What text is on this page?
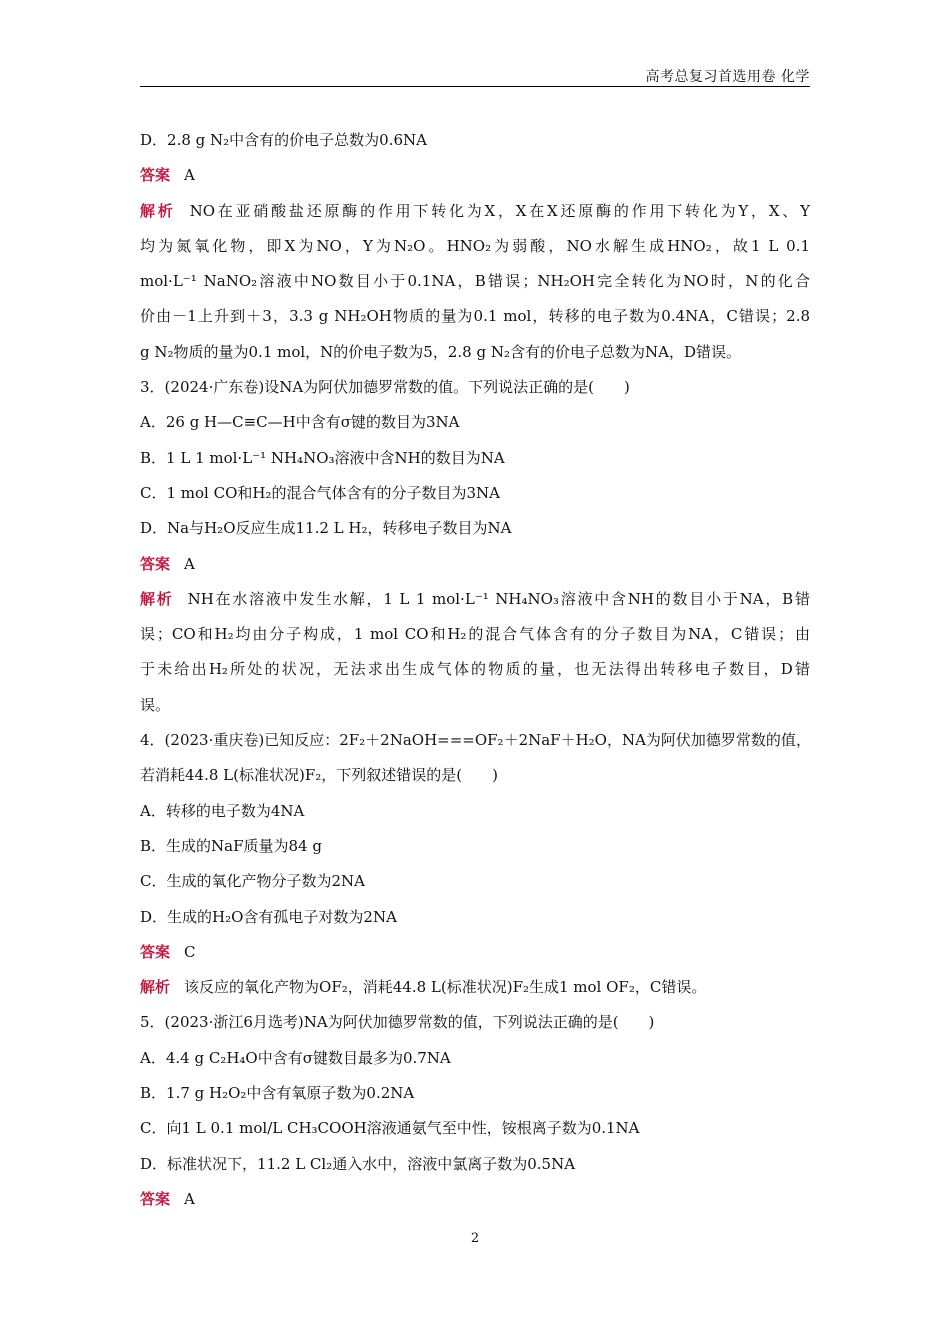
高考总复习首选用卷 化学
D．2.8 g N₂中含有的价电子总数为0.6NA
答案 A
解析 NO在亚硝酸盐还原酶的作用下转化为X，X在X还原酶的作用下转化为Y，X、Y
均为氮氧化物，即X为NO，Y为N₂O。HNO₂为弱酸，NO水解生成HNO₂，故1 L 0.1
mol·L⁻¹ NaNO₂溶液中NO数目小于0.1NA，B错误；NH₂OH完全转化为NO时，N的化合
价由－1上升到＋3，3.3 g NH₂OH物质的量为0.1 mol，转移的电子数为0.4NA，C错误；2.8
g N₂物质的量为0.1 mol，N的价电子数为5，2.8 g N₂含有的价电子总数为NA，D错误。
3．(2024·广东卷)设NA为阿伏加德罗常数的值。下列说法正确的是(　　)
A．26 g H—C≡C—H中含有σ键的数目为3NA
B．1 L 1 mol·L⁻¹ NH₄NO₃溶液中含NH的数目为NA
C．1 mol CO和H₂的混合气体含有的分子数目为3NA
D．Na与H₂O反应生成11.2 L H₂，转移电子数目为NA
答案 A
解析 NH在水溶液中发生水解，1 L 1 mol·L⁻¹ NH₄NO₃溶液中含NH的数目小于NA，B错
误；CO和H₂均由分子构成，1 mol CO和H₂的混合气体含有的分子数目为NA，C错误；由
于未给出H₂所处的状况，无法求出生成气体的物质的量，也无法得出转移电子数目，D错
误。
4．(2023·重庆卷)已知反应：2F₂＋2NaOH===OF₂＋2NaF＋H₂O，NA为阿伏加德罗常数的值，
若消耗44.8 L(标准状况)F₂，下列叙述错误的是(　　)
A．转移的电子数为4NA
B．生成的NaF质量为84 g
C．生成的氧化产物分子数为2NA
D．生成的H₂O含有孤电子对数为2NA
答案 C
解析 该反应的氧化产物为OF₂，消耗44.8 L(标准状况)F₂生成1 mol OF₂，C错误。
5．(2023·浙江6月选考)NA为阿伏加德罗常数的值，下列说法正确的是(　　)
A．4.4 g C₂H₄O中含有σ键数目最多为0.7NA
B．1.7 g H₂O₂中含有氧原子数为0.2NA
C．向1 L 0.1 mol/L CH₃COOH溶液通氨气至中性，铵根离子数为0.1NA
D．标准状况下，11.2 L Cl₂通入水中，溶液中氯离子数为0.5NA
答案 A
2
